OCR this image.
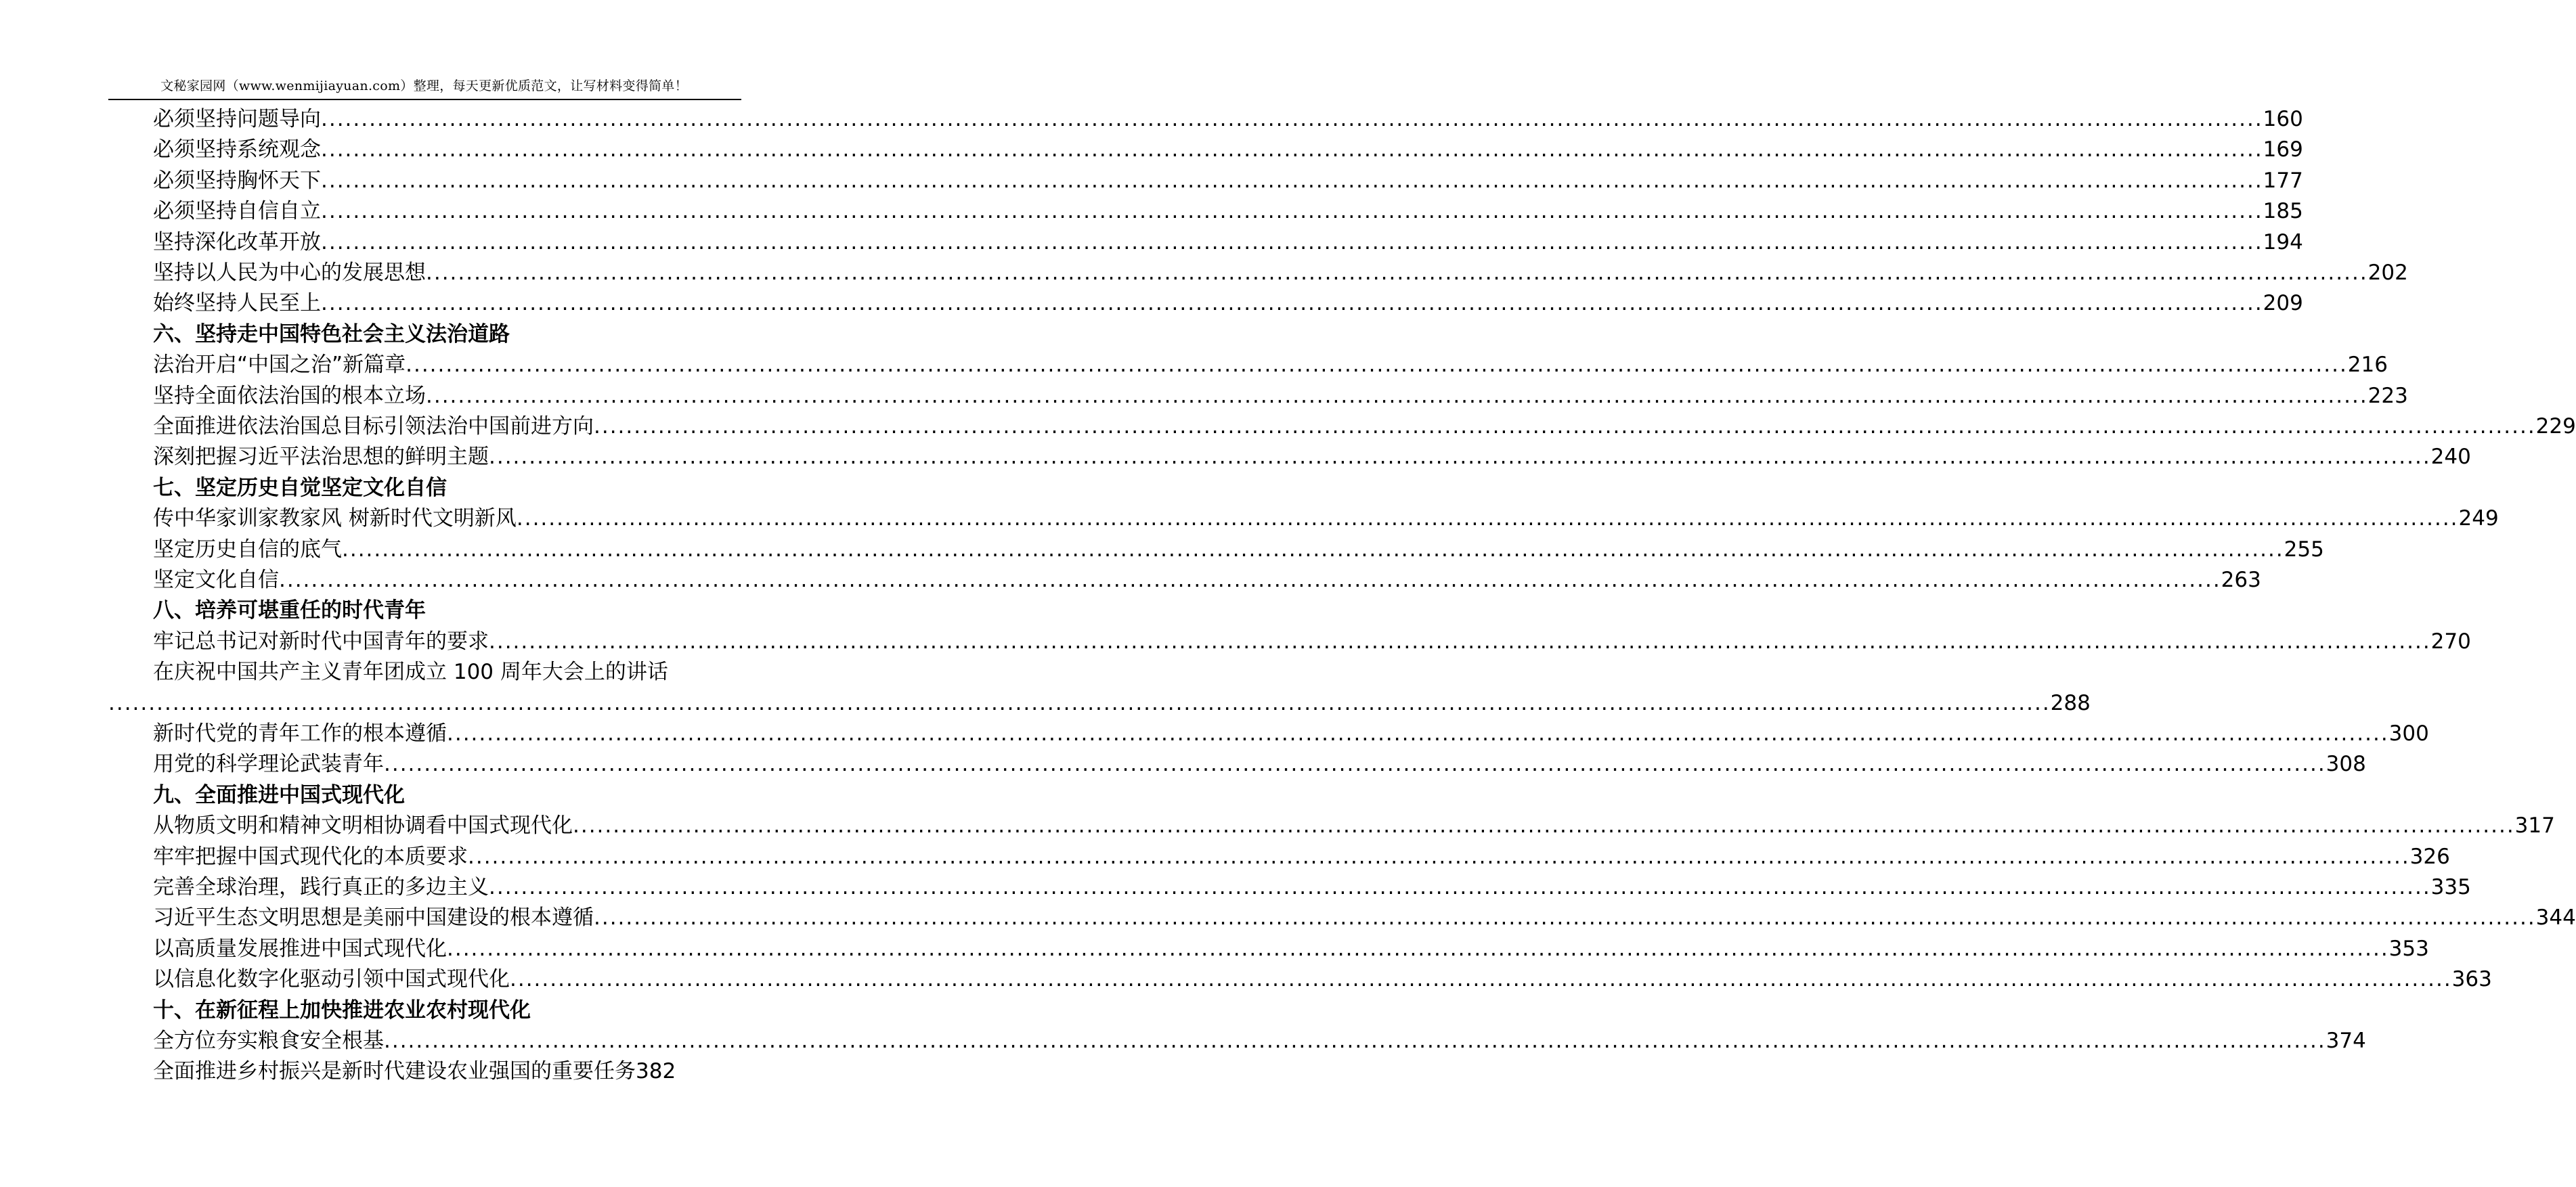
文秘家园网（www.wenmijiayuan.com）整理，每天更新优质范文，让写材料变得简单！
必须坚持问题导向 .................................................................................................................................................................................................................................................. 160
必须坚持系统观念 .................................................................................................................................................................................................................................................. 169
必须坚持胸怀天下 .................................................................................................................................................................................................................................................. 177
必须坚持自信自立 .................................................................................................................................................................................................................................................. 185
坚持深化改革开放 .................................................................................................................................................................................................................................................. 194
坚持以人民为中心的发展思想 .................................................................................................................................................................................................................................................. 202
始终坚持人民至上 .................................................................................................................................................................................................................................................. 209
六、坚持走中国特色社会主义法治道路
法治开启“中国之治”新篇章 .................................................................................................................................................................................................................................................. 216
坚持全面依法治国的根本立场 .................................................................................................................................................................................................................................................. 223
全面推进依法治国总目标引领法治中国前进方向 .................................................................................................................................................................................................................................................. 229
深刻把握习近平法治思想的鲜明主题 .................................................................................................................................................................................................................................................. 240
七、坚定历史自觉坚定文化自信
传中华家训家教家风 树新时代文明新风 .................................................................................................................................................................................................................................................. 249
坚定历史自信的底气 .................................................................................................................................................................................................................................................. 255
坚定文化自信 .................................................................................................................................................................................................................................................. 263
八、培养可堪重任的时代青年
牢记总书记对新时代中国青年的要求 .................................................................................................................................................................................................................................................. 270
在庆祝中国共产主义青年团成立 100 周年大会上的讲话
.................................................................................................................................................................................................................................................. 288
新时代党的青年工作的根本遵循 .................................................................................................................................................................................................................................................. 300
用党的科学理论武装青年 .................................................................................................................................................................................................................................................. 308
九、全面推进中国式现代化
从物质文明和精神文明相协调看中国式现代化 .................................................................................................................................................................................................................................................. 317
牢牢把握中国式现代化的本质要求 .................................................................................................................................................................................................................................................. 326
完善全球治理，践行真正的多边主义 .................................................................................................................................................................................................................................................. 335
习近平生态文明思想是美丽中国建设的根本遵循 .................................................................................................................................................................................................................................................. 344
以高质量发展推进中国式现代化 .................................................................................................................................................................................................................................................. 353
以信息化数字化驱动引领中国式现代化 .................................................................................................................................................................................................................................................. 363
十、在新征程上加快推进农业农村现代化
全方位夯实粮食安全根基 .................................................................................................................................................................................................................................................. 374
全面推进乡村振兴是新时代建设农业强国的重要任务382
